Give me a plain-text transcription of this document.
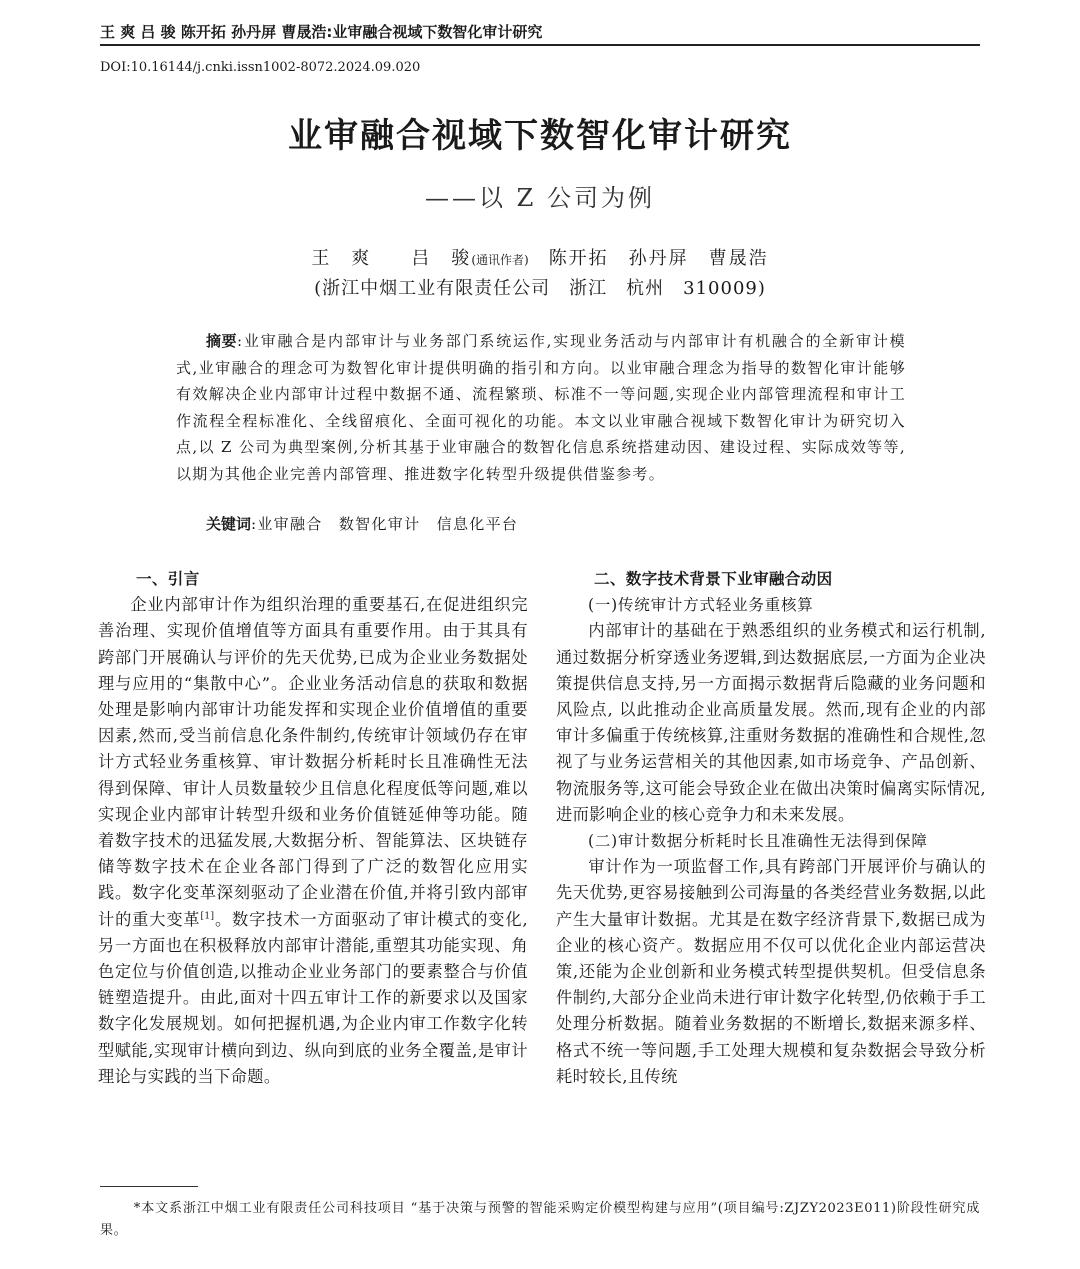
王 爽 吕 骏 陈开拓 孙丹屏 曹晟浩:业审融合视域下数智化审计研究
DOI:10.16144/j.cnki.issn1002-8072.2024.09.020
业审融合视域下数智化审计研究
——以 Z 公司为例
王　爽　　 吕　骏(通讯作者)　 陈开拓　孙丹屏　曹晟浩
(浙江中烟工业有限责任公司　浙江　杭州　310009)

摘要:业审融合是内部审计与业务部门系统运作,实现业务活动与内部审计有机融合的全新审计模式,业审融合的理念可为数智化审计提供明确的指引和方向。以业审融合理念为指导的数智化审计能够有效解决企业内部审计过程中数据不通、流程繁琐、标准不一等问题,实现企业内部管理流程和审计工作流程全程标准化、全线留痕化、全面可视化的功能。本文以业审融合视域下数智化审计为研究切入点,以 Z 公司为典型案例,分析其基于业审融合的数智化信息系统搭建动因、建设过程、实际成效等等,以期为其他企业完善内部管理、推进数字化转型升级提供借鉴参考。

关键词:业审融合　数智化审计　信息化平台
一、引言

企业内部审计作为组织治理的重要基石,在促进组织完善治理、实现价值增值等方面具有重要作用。由于其具有跨部门开展确认与评价的先天优势,已成为企业业务数据处理与应用的“集散中心”。企业业务活动信息的获取和数据处理是影响内部审计功能发挥和实现企业价值增值的重要因素,然而,受当前信息化条件制约,传统审计领域仍存在审计方式轻业务重核算、审计数据分析耗时长且准确性无法得到保障、审计人员数量较少且信息化程度低等问题,难以实现企业内部审计转型升级和业务价值链延伸等功能。随着数字技术的迅猛发展,大数据分析、智能算法、区块链存储等数字技术在企业各部门得到了广泛的数智化应用实践。数字化变革深刻驱动了企业潜在价值,并将引致内部审计的重大变革[1]。数字技术一方面驱动了审计模式的变化,另一方面也在积极释放内部审计潜能,重塑其功能实现、角色定位与价值创造,以推动企业业务部门的要素整合与价值链塑造提升。由此,面对十四五审计工作的新要求以及国家数字化发展规划。如何把握机遇,为企业内审工作数字化转型赋能,实现审计横向到边、纵向到底的业务全覆盖,是审计理论与实践的当下命题。

二、数字技术背景下业审融合动因
(一)传统审计方式轻业务重核算

内部审计的基础在于熟悉组织的业务模式和运行机制,通过数据分析穿透业务逻辑,到达数据底层,一方面为企业决策提供信息支持,另一方面揭示数据背后隐藏的业务问题和风险点, 以此推动企业高质量发展。然而,现有企业的内部审计多偏重于传统核算,注重财务数据的准确性和合规性,忽视了与业务运营相关的其他因素,如市场竞争、产品创新、物流服务等,这可能会导致企业在做出决策时偏离实际情况,进而影响企业的核心竞争力和未来发展。

(二)审计数据分析耗时长且准确性无法得到保障

审计作为一项监督工作,具有跨部门开展评价与确认的先天优势,更容易接触到公司海量的各类经营业务数据,以此产生大量审计数据。尤其是在数字经济背景下,数据已成为企业的核心资产。数据应用不仅可以优化企业内部运营决策,还能为企业创新和业务模式转型提供契机。但受信息条件制约,大部分企业尚未进行审计数字化转型,仍依赖于手工处理分析数据。随着业务数据的不断增长,数据来源多样、格式不统一等问题,手工处理大规模和复杂数据会导致分析耗时较长,且传统

*本文系浙江中烟工业有限责任公司科技项目 “基于决策与预警的智能采购定价模型构建与应用”(项目编号:ZJZY2023E011)阶段性研究成果。
